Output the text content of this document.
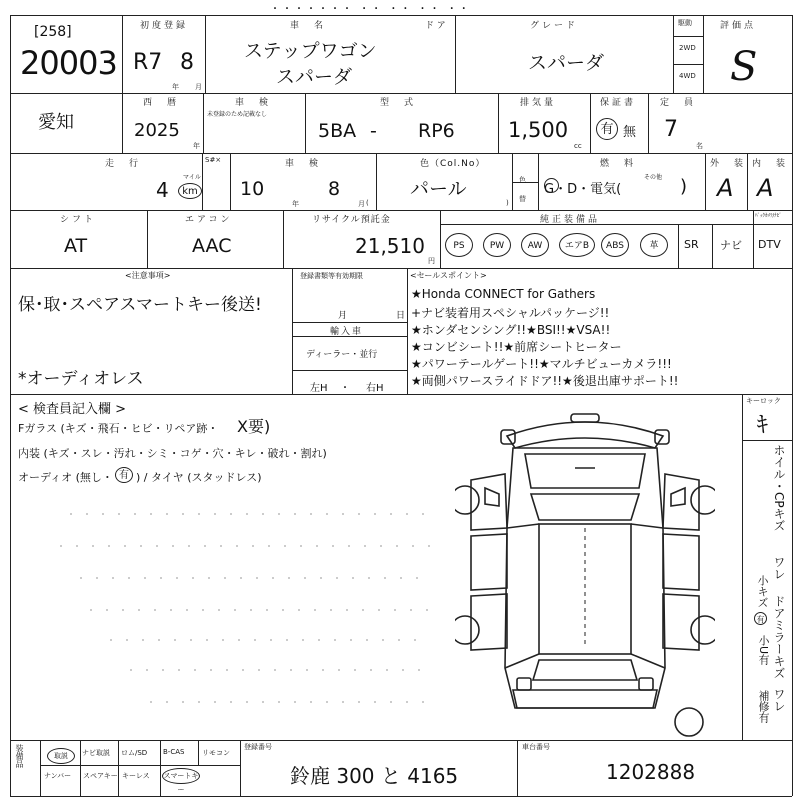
・・・・・・・ ・・ ・・ ・・ ・・
[258]
20003
初度登録
R7 8
年 月
車　名
ステップワゴン
スパーダ
ドア	グレード
スパーダ
駆動
2WD
4WD
評価点
S
愛知
西　暦
2025
年
車　検
未登録のため記載なし
型　式
5BA - RP6
排気量
1,500
cc
保証書
有 無
定　員
7
名
走　行
4
マイル
km
S#×	車　検
10
年
8
月 (	)
色（Col.No）
パール	色
替
燃　料
G・D・電気(
その他 )
外　装
A
内　装
A
シフト
AT
エアコン
AAC
リサイクル預託金
21,510
円
純正装備品	ﾊﾞｯｸｶﾒﾗ/ﾅﾋﾞ
PS	PW	AW	エアB	ABS	革	SR ナビ DTV
<注意事項>
保･取･スペアスマートキー後送!
*オーディオレス
登録書類等有効期限
月	日
輸入車
ディーラー・並行
左H ・ 右H
<セールスポイント>
★Honda CONNECT for Gathers
+ナビ装着用スペシャルパッケージ!!
★ホンダセンシング!!★BSI!!★VSA!!
★コンビシート!!★前席シートヒーター
★パワーテールゲート!!★マルチビューカメラ!!!
★両側パワースライドドア!!★後退出庫サポート!!
< 検査員記入欄 >
Fガラス (キズ・飛石・ヒビ・リペア跡・ X要)
内装 (キズ・スレ・汚れ・シミ・コゲ・穴・キレ・破れ・割れ)
オーディオ (無し・ 有 ) / タイヤ (スタッドレス)
キーロック
ｷ
ホイル・CPキズ
ワレ
ドアミラーキズ
ワレ
小キズ
有
小U有
補修有
装備品	取説	ナビ取説 ロム/SD B-CAS	リモコン
ナンバー スペアキー キーレス スマートキー
登録番号
鈴鹿 300 と 4165
車台番号
1202888
